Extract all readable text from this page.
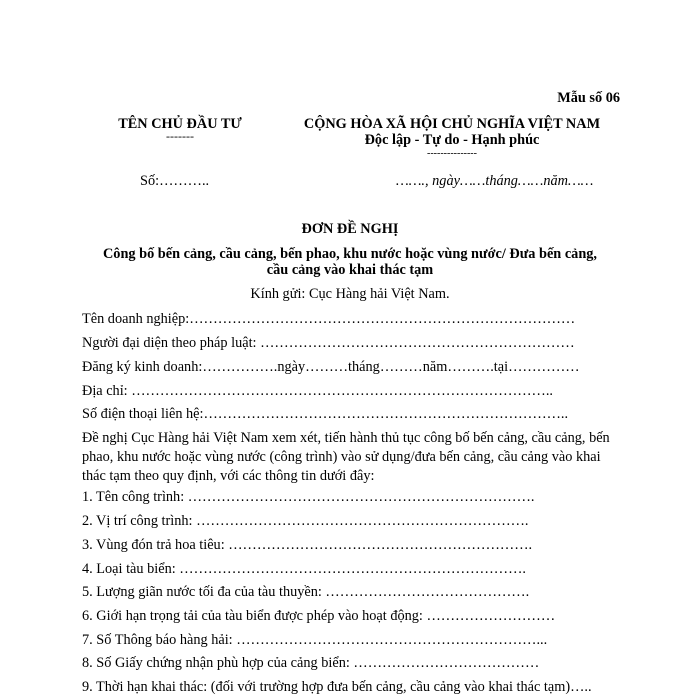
Mẫu số 06
TÊN CHỦ ĐẦU TƯ
-------
CỘNG HÒA XÃ HỘI CHỦ NGHĨA VIỆT NAM
Độc lập - Tự do - Hạnh phúc
---------------
Số:………..	……., ngày……tháng……năm……
ĐƠN ĐỀ NGHỊ
Công bố bến cảng, cầu cảng, bến phao, khu nước hoặc vùng nước/ Đưa bến cảng,
cầu cảng vào khai thác tạm
Kính gửi: Cục Hàng hải Việt Nam.
Tên doanh nghiệp:………………………………………………………………………
Người đại diện theo pháp luật: …………………………………………………………
Đăng ký kinh doanh:…………….ngày………tháng………năm……….tại……………
Địa chỉ: ……………………………………………………………………………..
Số điện thoại liên hệ:…………………………………………………………………..
Đề nghị Cục Hàng hải Việt Nam xem xét, tiến hành thủ tục công bố bến cảng, cầu cảng, bến phao, khu nước hoặc vùng nước (công trình) vào sử dụng/đưa bến cảng, cầu cảng vào khai thác tạm theo quy định, với các thông tin dưới đây:
1. Tên công trình: ……………………………………………………………….
2. Vị trí công trình: …………………………………………………………….
3. Vùng đón trả hoa tiêu: ……………………………………………………….
4. Loại tàu biển: ……………………………………………………………….
5. Lượng giãn nước tối đa của tàu thuyền: …………………………………….
6. Giới hạn trọng tải của tàu biển được phép vào hoạt động: ………………………
7. Số Thông báo hàng hải: ………………………………………………………...
8. Số Giấy chứng nhận phù hợp của cảng biển: …………………………………
9. Thời hạn khai thác: (đối với trường hợp đưa bến cảng, cầu cảng vào khai thác tạm)…..
